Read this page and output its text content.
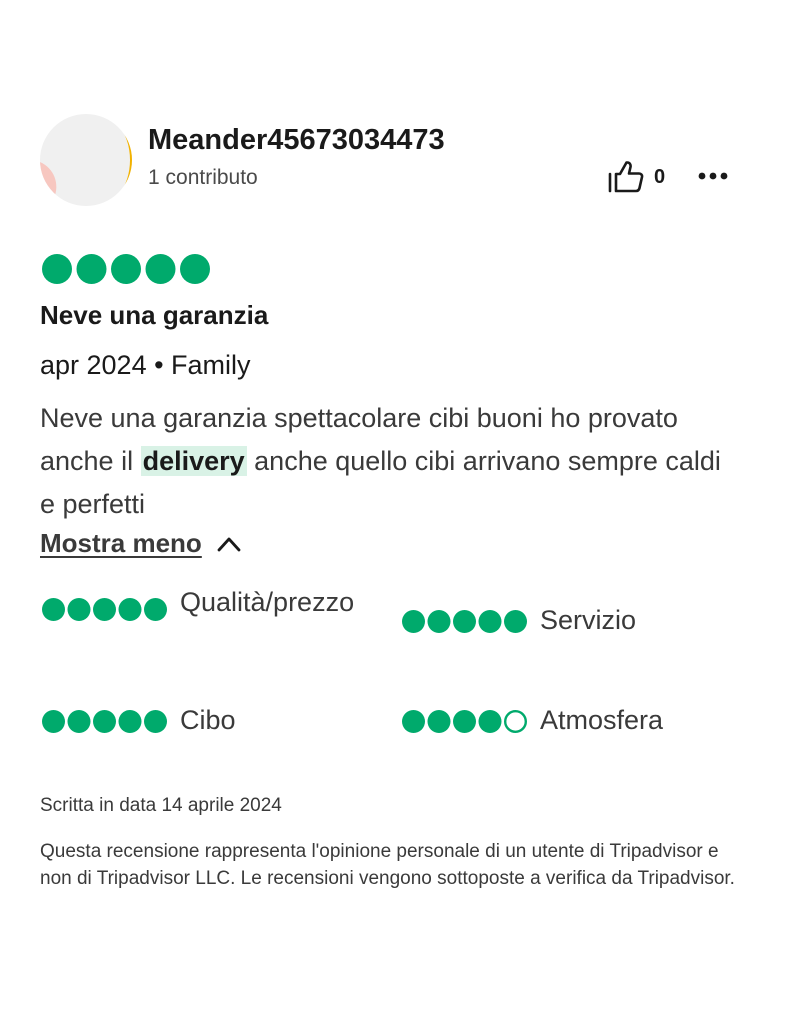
Meander45673034473
1 contributo	0
Neve una garanzia
apr 2024 • Family
Neve una garanzia spettacolare cibi buoni ho provato anche il delivery anche quello cibi arrivano sempre caldi e perfetti
Mostra meno
Qualità/prezzo
Servizio
Cibo	Atmosfera
Scritta in data 14 aprile 2024
Questa recensione rappresenta l'opinione personale di un utente di Tripadvisor e non di Tripadvisor LLC. Le recensioni vengono sottoposte a verifica da Tripadvisor.
